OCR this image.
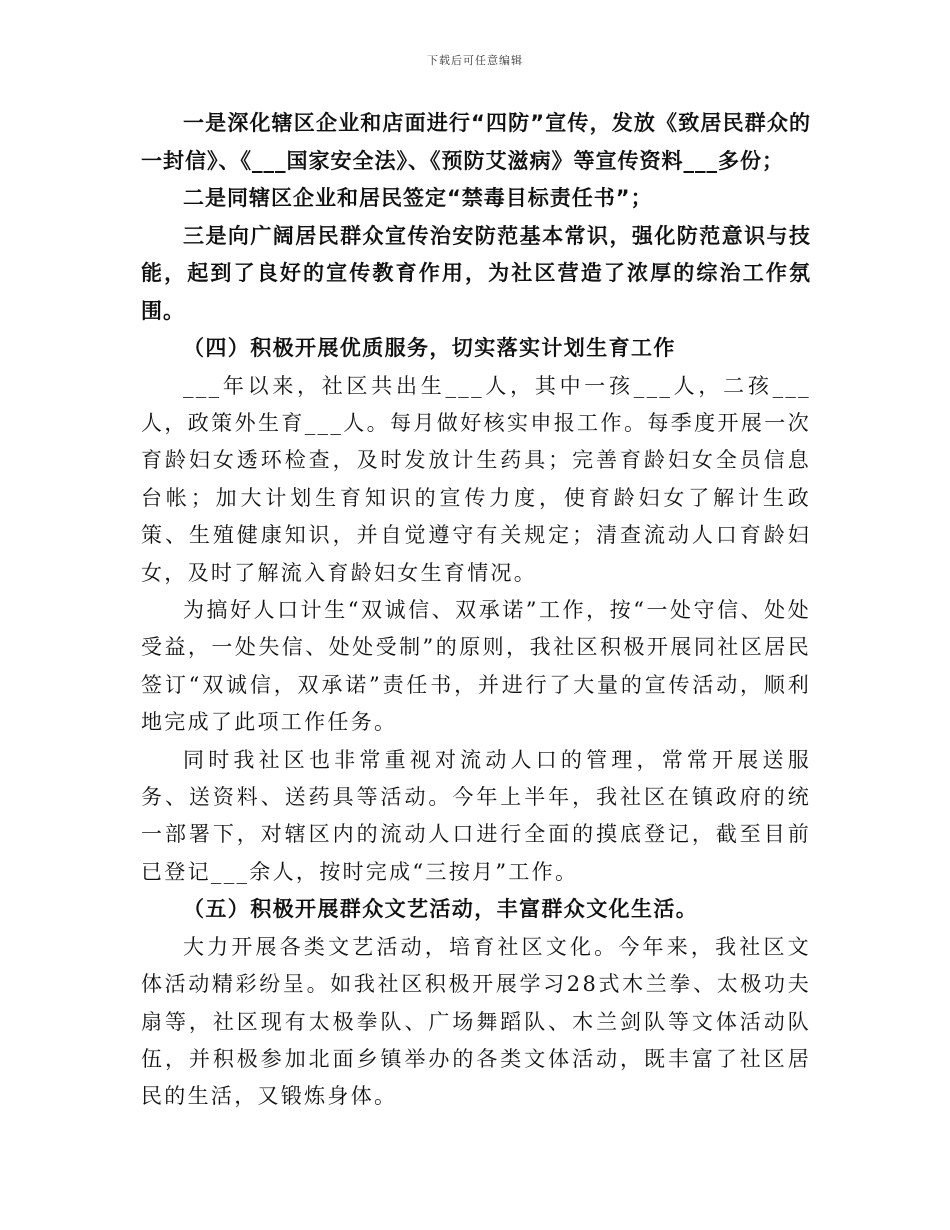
下载后可任意编辑

一是深化辖区企业和店面进行“四防”宣传，发放《致居民群众的一封信》、《___国家安全法》、《预防艾滋病》等宣传资料___多份；

二是同辖区企业和居民签定“禁毒目标责任书”；

三是向广阔居民群众宣传治安防范基本常识，强化防范意识与技能，起到了良好的宣传教育作用，为社区营造了浓厚的综治工作氛围。

（四）积极开展优质服务，切实落实计划生育工作

___年以来，社区共出生___人，其中一孩___人，二孩___人，政策外生育___人。每月做好核实申报工作。每季度开展一次育龄妇女透环检查，及时发放计生药具；完善育龄妇女全员信息台帐；加大计划生育知识的宣传力度，使育龄妇女了解计生政策、生殖健康知识，并自觉遵守有关规定；清查流动人口育龄妇女，及时了解流入育龄妇女生育情况。

为搞好人口计生“双诚信、双承诺”工作，按“一处守信、处处受益，一处失信、处处受制”的原则，我社区积极开展同社区居民签订“双诚信，双承诺”责任书，并进行了大量的宣传活动，顺利地完成了此项工作任务。

同时我社区也非常重视对流动人口的管理，常常开展送服务、送资料、送药具等活动。今年上半年，我社区在镇政府的统一部署下，对辖区内的流动人口进行全面的摸底登记，截至目前已登记___余人，按时完成“三按月”工作。

（五）积极开展群众文艺活动，丰富群众文化生活。

大力开展各类文艺活动，培育社区文化。今年来，我社区文体活动精彩纷呈。如我社区积极开展学习28式木兰拳、太极功夫扇等，社区现有太极拳队、广场舞蹈队、木兰剑队等文体活动队伍，并积极参加北面乡镇举办的各类文体活动，既丰富了社区居民的生活，又锻炼身体。
